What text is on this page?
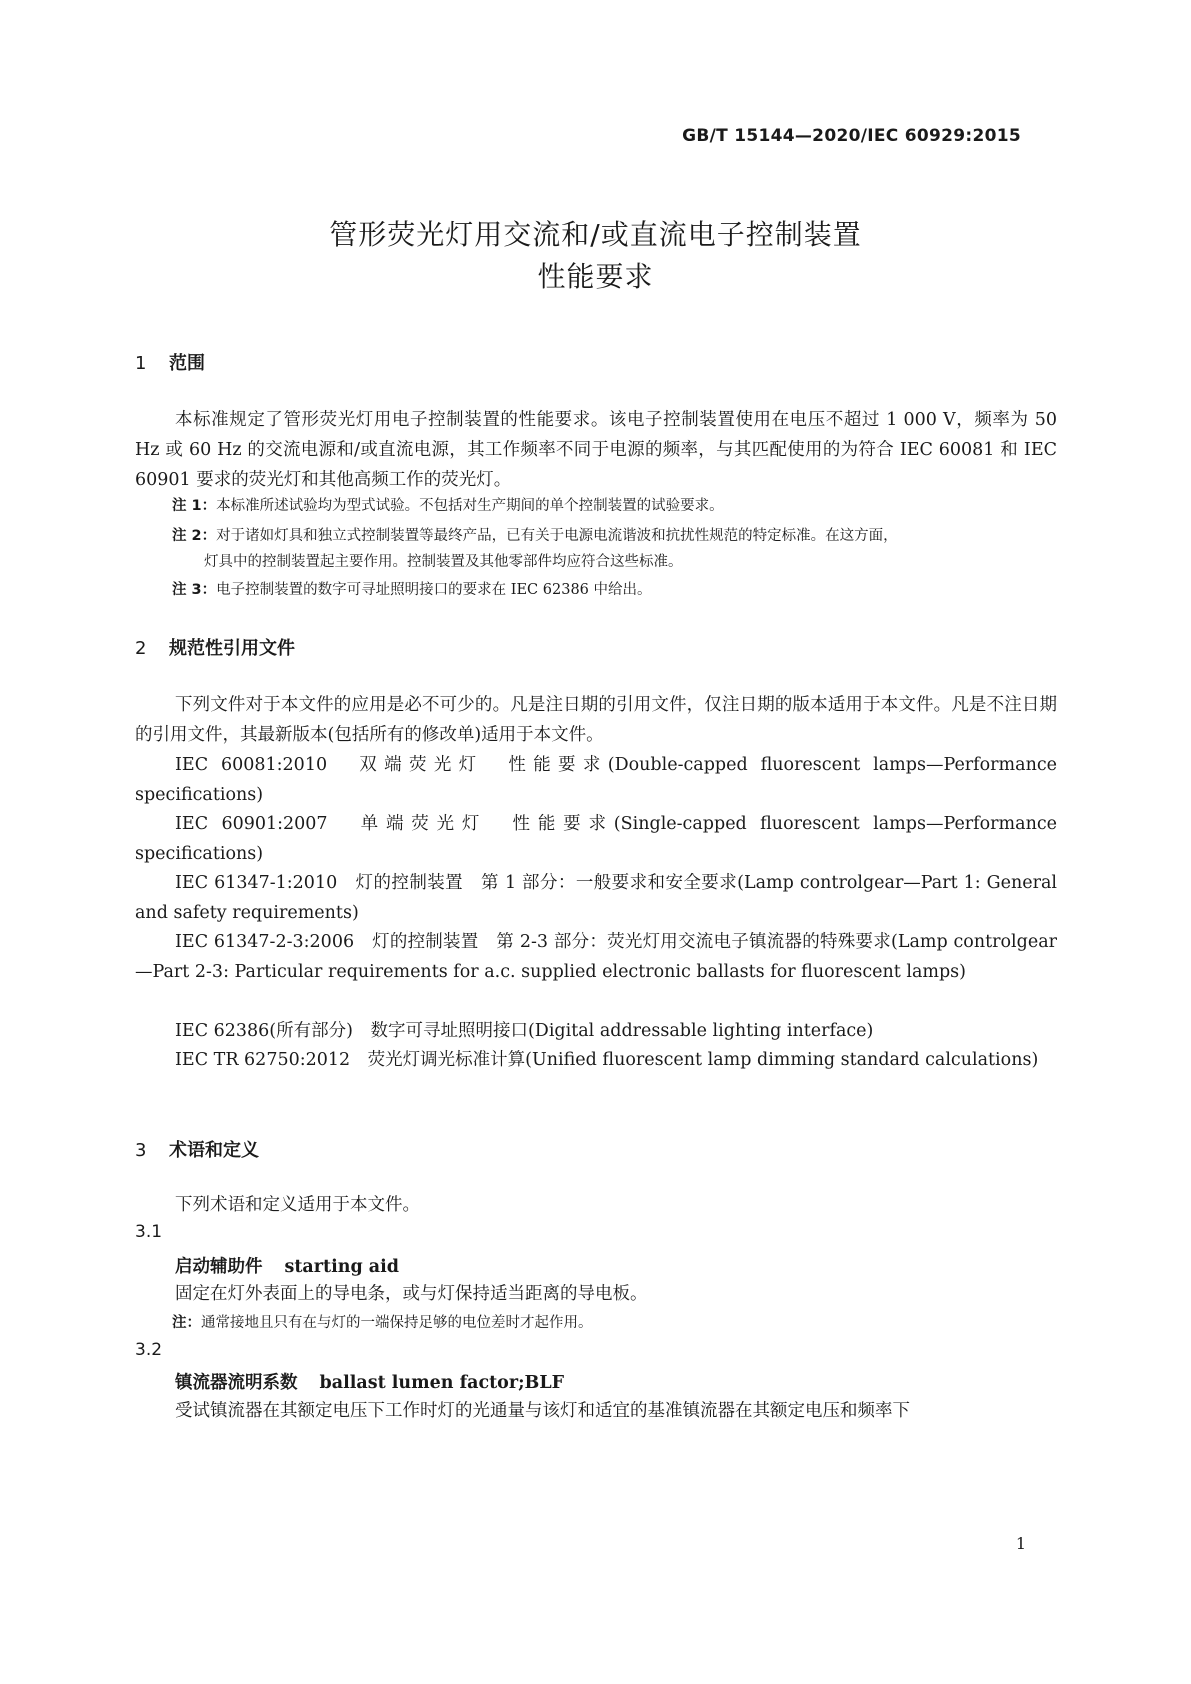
GB/T 15144—2020/IEC 60929:2015
管形荧光灯用交流和/或直流电子控制装置
性能要求
1 范围
本标准规定了管形荧光灯用电子控制装置的性能要求。该电子控制装置使用在电压不超过 1 000 V，频率为 50 Hz 或 60 Hz 的交流电源和/或直流电源，其工作频率不同于电源的频率，与其匹配使用的为符合 IEC 60081 和 IEC 60901 要求的荧光灯和其他高频工作的荧光灯。
注 1：本标准所述试验均为型式试验。不包括对生产期间的单个控制装置的试验要求。
注 2：对于诸如灯具和独立式控制装置等最终产品，已有关于电源电流谐波和抗扰性规范的特定标准。在这方面，
灯具中的控制装置起主要作用。控制装置及其他零部件均应符合这些标准。
注 3：电子控制装置的数字可寻址照明接口的要求在 IEC 62386 中给出。
2 规范性引用文件
下列文件对于本文件的应用是必不可少的。凡是注日期的引用文件，仅注日期的版本适用于本文件。凡是不注日期的引用文件，其最新版本(包括所有的修改单)适用于本文件。
IEC 60081:2010　双端荧光灯　性能要求(Double-capped fluorescent lamps—Performance specifications)
IEC 60901:2007　单端荧光灯　性能要求(Single-capped fluorescent lamps—Performance specifications)
IEC 61347-1:2010　灯的控制装置　第 1 部分：一般要求和安全要求(Lamp controlgear—Part 1: General and safety requirements)
IEC 61347-2-3:2006　灯的控制装置　第 2-3 部分：荧光灯用交流电子镇流器的特殊要求(Lamp controlgear—Part 2-3: Particular requirements for a.c. supplied electronic ballasts for fluorescent lamps)
IEC 62386(所有部分)　数字可寻址照明接口(Digital addressable lighting interface)
IEC TR 62750:2012　荧光灯调光标准计算(Unified fluorescent lamp dimming standard calculations)
3 术语和定义
下列术语和定义适用于本文件。
3.1
启动辅助件 starting aid
固定在灯外表面上的导电条，或与灯保持适当距离的导电板。
注：通常接地且只有在与灯的一端保持足够的电位差时才起作用。
3.2
镇流器流明系数 ballast lumen factor;BLF
受试镇流器在其额定电压下工作时灯的光通量与该灯和适宜的基准镇流器在其额定电压和频率下
1
